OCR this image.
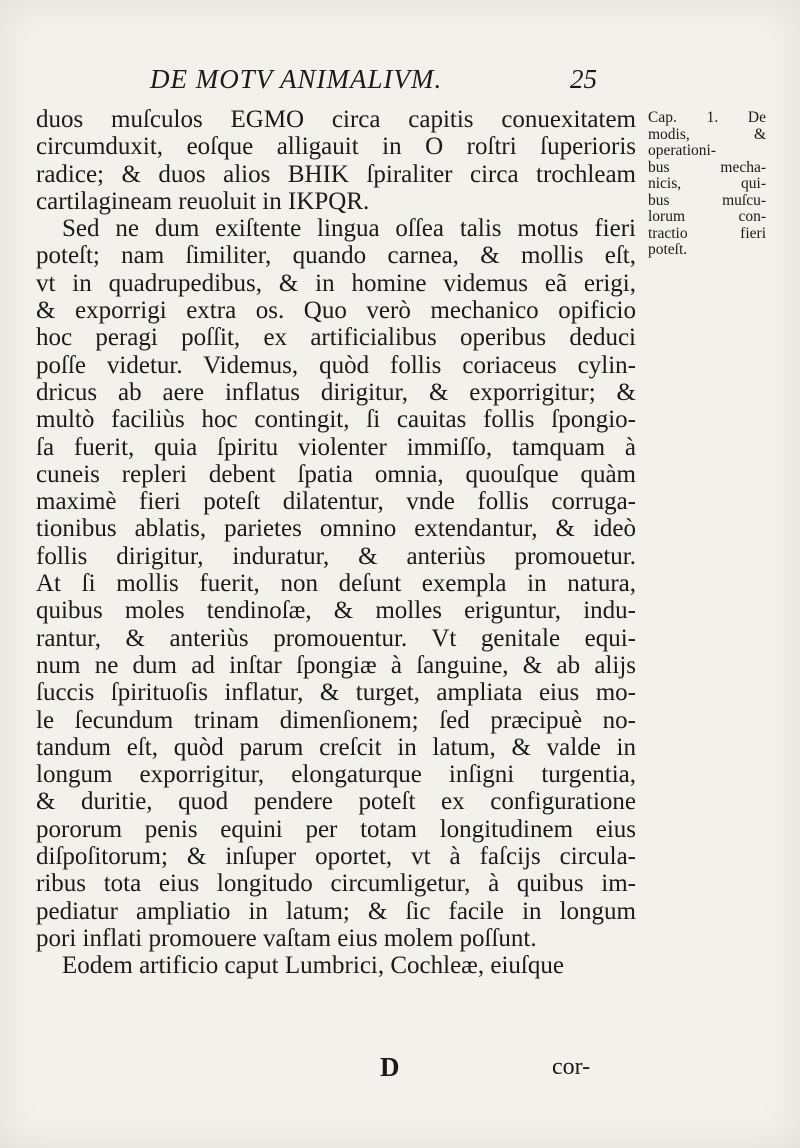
DE MOTV ANIMALIVM.	25
duos muſculos EGMO circa capitis conuexitatem
circumduxit, eoſque alligauit in O roſtri ſuperioris
radice; & duos alios BHIK ſpiraliter circa trochleam
cartilagineam reuoluit in IKPQR.
Sed ne dum exiſtente lingua oſſea talis motus fieri
poteſt; nam ſimiliter, quando carnea, & mollis eſt,
vt in quadrupedibus, & in homine videmus eã erigi,
& exporrigi extra os. Quo verò mechanico opificio
hoc peragi poſſit, ex artificialibus operibus deduci
poſſe videtur. Videmus, quòd follis coriaceus cylin-
dricus ab aere inflatus dirigitur, & exporrigitur; &
multò faciliùs hoc contingit, ſi cauitas follis ſpongio-
ſa fuerit, quia ſpiritu violenter immiſſo, tamquam à
cuneis repleri debent ſpatia omnia, quouſque quàm
maximè fieri poteſt dilatentur, vnde follis corruga-
tionibus ablatis, parietes omnino extendantur, & ideò
follis dirigitur, induratur, & anteriùs promouetur.
At ſi mollis fuerit, non deſunt exempla in natura,
quibus moles tendinoſæ, & molles eriguntur, indu-
rantur, & anteriùs promouentur. Vt genitale equi-
num ne dum ad inſtar ſpongiæ à ſanguine, & ab alijs
ſuccis ſpirituoſis inflatur, & turget, ampliata eius mo-
le ſecundum trinam dimenſionem; ſed præcipuè no-
tandum eſt, quòd parum creſcit in latum, & valde in
longum exporrigitur, elongaturque inſigni turgentia,
& duritie, quod pendere poteſt ex configuratione
pororum penis equini per totam longitudinem eius
diſpoſitorum; & inſuper oportet, vt à faſcijs circula-
ribus tota eius longitudo circumligetur, à quibus im-
pediatur ampliatio in latum; & ſic facile in longum
pori inflati promouere vaſtam eius molem poſſunt.
Eodem artificio caput Lumbrici, Cochleæ, eiuſque
Cap. 1. De
modis, &
operationi-
bus mecha-
nicis, qui-
bus muſcu-
lorum con-
tractio fieri
poteſt.
D	cor-
